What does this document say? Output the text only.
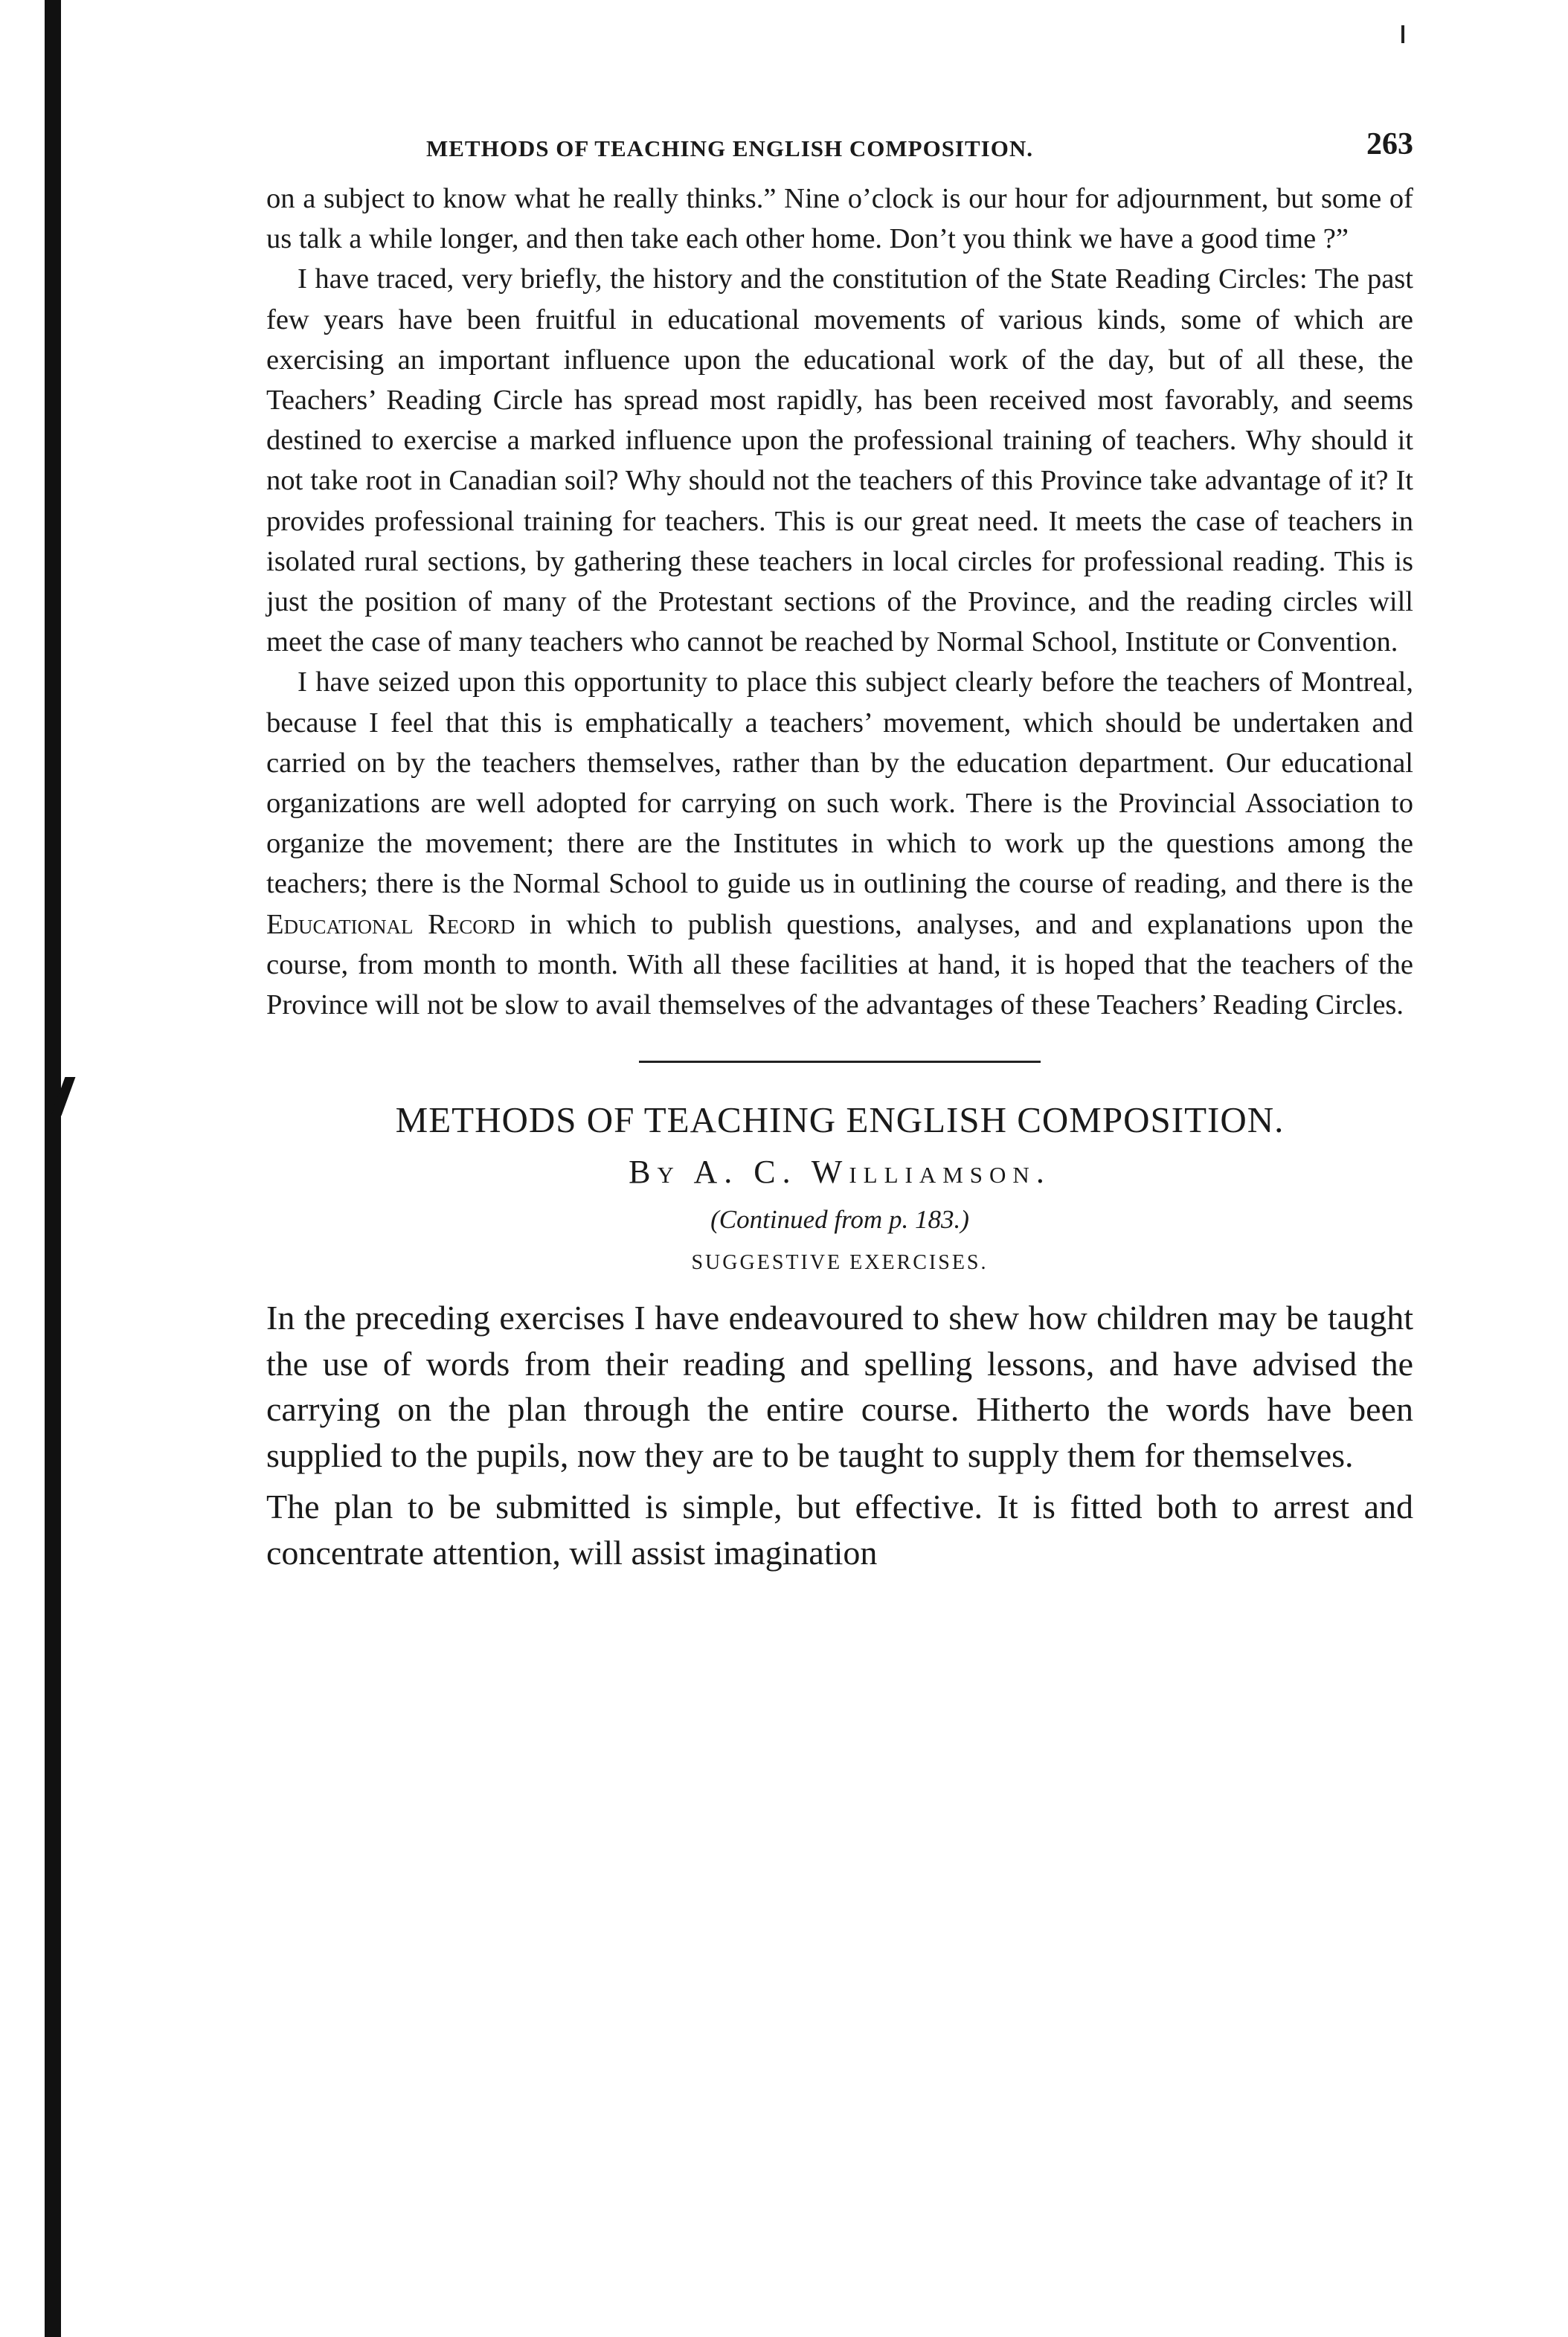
METHODS OF TEACHING ENGLISH COMPOSITION.	263

on a subject to know what he really thinks.” Nine o’clock is our hour for adjournment, but some of us talk a while longer, and then take each other home. Don’t you think we have a good time ?”

I have traced, very briefly, the history and the constitution of the State Reading Circles: The past few years have been fruitful in educational movements of various kinds, some of which are exercising an important influence upon the educational work of the day, but of all these, the Teachers’ Reading Circle has spread most rapidly, has been received most favorably, and seems destined to exercise a marked influence upon the professional training of teachers. Why should it not take root in Canadian soil? Why should not the teachers of this Province take advantage of it? It provides professional training for teachers. This is our great need. It meets the case of teachers in isolated rural sections, by gathering these teachers in local circles for professional reading. This is just the position of many of the Protestant sections of the Province, and the reading circles will meet the case of many teachers who cannot be reached by Normal School, Institute or Convention.

I have seized upon this opportunity to place this subject clearly before the teachers of Montreal, because I feel that this is emphatically a teachers’ movement, which should be undertaken and carried on by the teachers themselves, rather than by the education department. Our educational organizations are well adopted for carrying on such work. There is the Provincial Association to organize the movement; there are the Institutes in which to work up the questions among the teachers; there is the Normal School to guide us in outlining the course of reading, and there is the Educational Record in which to publish questions, analyses, and and explanations upon the course, from month to month. With all these facilities at hand, it is hoped that the teachers of the Province will not be slow to avail themselves of the advantages of these Teachers’ Reading Circles.

METHODS OF TEACHING ENGLISH COMPOSITION.
By A. C. Williamson.
(Continued from p. 183.)
SUGGESTIVE EXERCISES.

In the preceding exercises I have endeavoured to shew how children may be taught the use of words from their reading and spelling lessons, and have advised the carrying on the plan through the entire course. Hitherto the words have been supplied to the pupils, now they are to be taught to supply them for themselves.

The plan to be submitted is simple, but effective. It is fitted both to arrest and concentrate attention, will assist imagination
